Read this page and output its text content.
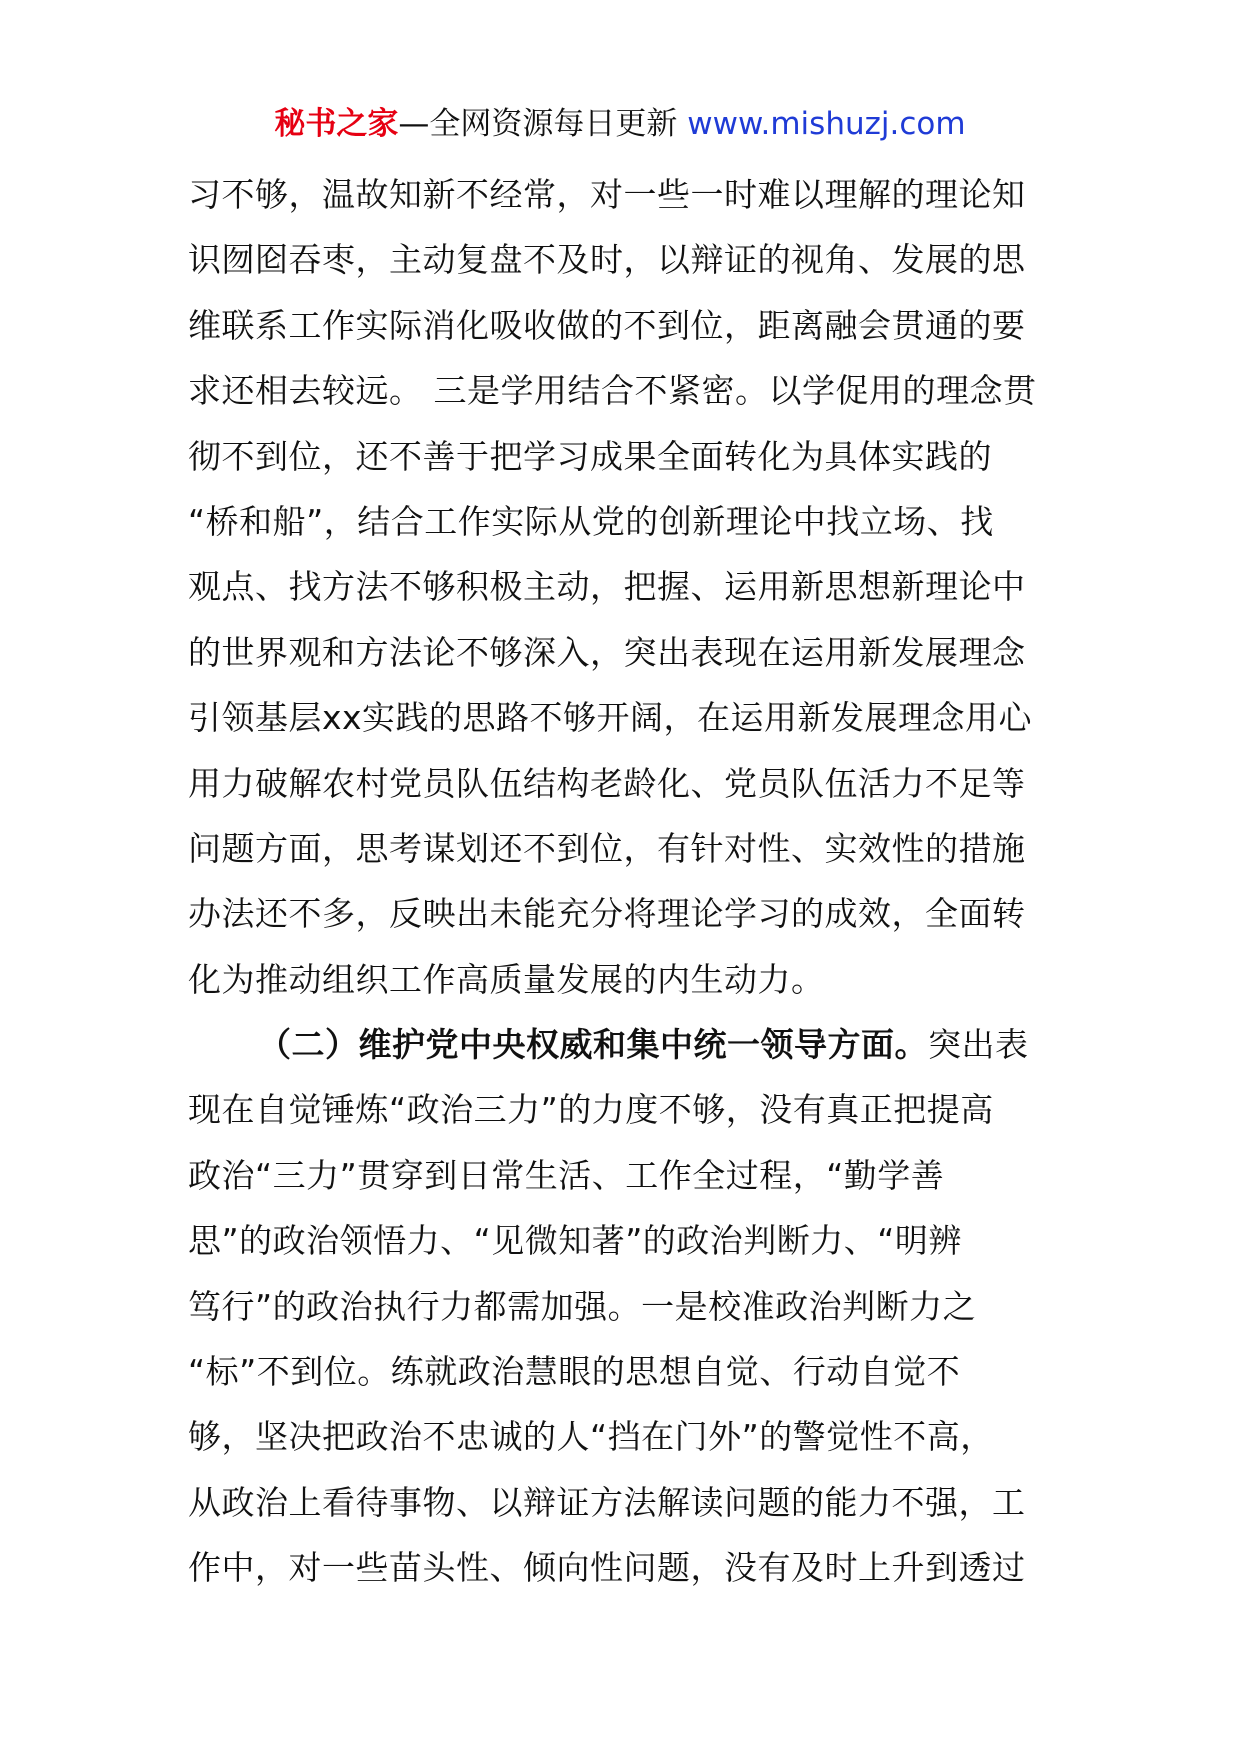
秘书之家—全网资源每日更新 www.mishuzj.com
习不够，温故知新不经常，对一些一时难以理解的理论知
识囫囵吞枣，主动复盘不及时，以辩证的视角、发展的思
维联系工作实际消化吸收做的不到位，距离融会贯通的要
求还相去较远。 三是学用结合不紧密。以学促用的理念贯
彻不到位，还不善于把学习成果全面转化为具体实践的
“桥和船”，结合工作实际从党的创新理论中找立场、找
观点、找方法不够积极主动，把握、运用新思想新理论中
的世界观和方法论不够深入，突出表现在运用新发展理念
引领基层xx实践的思路不够开阔，在运用新发展理念用心
用力破解农村党员队伍结构老龄化、党员队伍活力不足等
问题方面，思考谋划还不到位，有针对性、实效性的措施
办法还不多，反映出未能充分将理论学习的成效，全面转
化为推动组织工作高质量发展的内生动力。
（二）维护党中央权威和集中统一领导方面。突出表
现在自觉锤炼“政治三力”的力度不够，没有真正把提高
政治“三力”贯穿到日常生活、工作全过程，“勤学善
思”的政治领悟力、“见微知著”的政治判断力、“明辨
笃行”的政治执行力都需加强。一是校准政治判断力之
“标”不到位。练就政治慧眼的思想自觉、行动自觉不
够，坚决把政治不忠诚的人“挡在门外”的警觉性不高，
从政治上看待事物、以辩证方法解读问题的能力不强，工
作中，对一些苗头性、倾向性问题，没有及时上升到透过
